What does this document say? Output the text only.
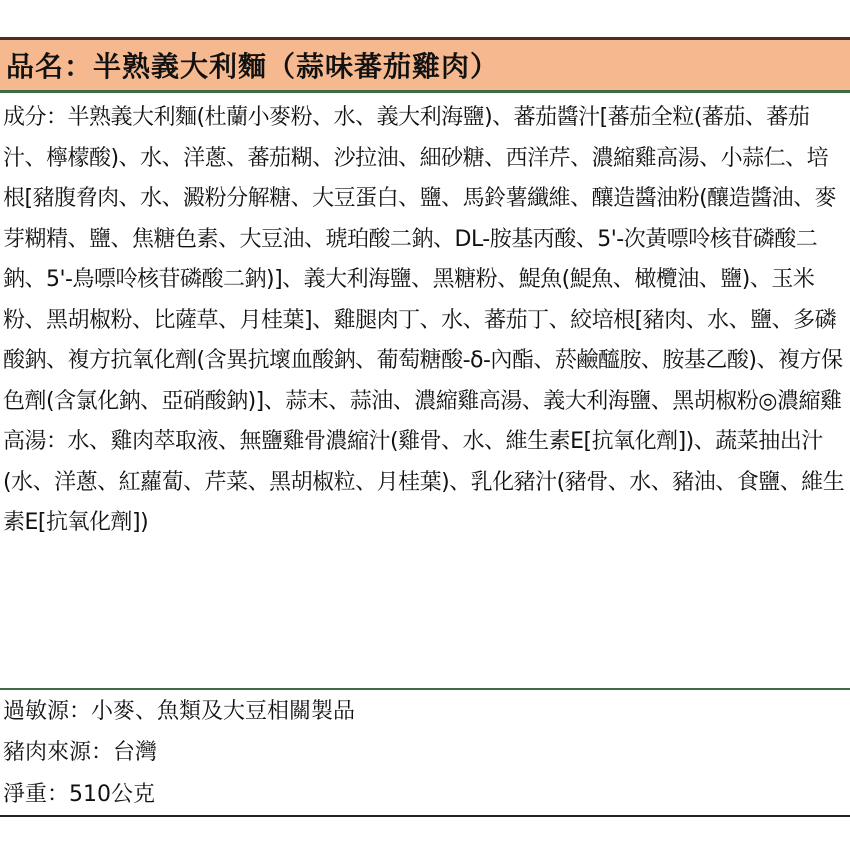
品名：半熟義大利麵（蒜味蕃茄雞肉）
成分：半熟義大利麵(杜蘭小麥粉、水、義大利海鹽)、蕃茄醬汁[蕃茄全粒(蕃茄、蕃茄汁、檸檬酸)、水、洋蔥、蕃茄糊、沙拉油、細砂糖、西洋芹、濃縮雞高湯、小蒜仁、培根[豬腹脅肉、水、澱粉分解糖、大豆蛋白、鹽、馬鈴薯纖維、釀造醬油粉(釀造醬油、麥芽糊精、鹽、焦糖色素、大豆油、琥珀酸二鈉、DL-胺基丙酸、5'-次黃嘌呤核苷磷酸二鈉、5'-鳥嘌呤核苷磷酸二鈉)]、義大利海鹽、黑糖粉、鯷魚(鯷魚、橄欖油、鹽)、玉米粉、黑胡椒粉、比薩草、月桂葉]、雞腿肉丁、水、蕃茄丁、絞培根[豬肉、水、鹽、多磷酸鈉、複方抗氧化劑(含異抗壞血酸鈉、葡萄糖酸-δ-內酯、菸鹼醯胺、胺基乙酸)、複方保色劑(含氯化鈉、亞硝酸鈉)]、蒜末、蒜油、濃縮雞高湯、義大利海鹽、黑胡椒粉◎濃縮雞高湯：水、雞肉萃取液、無鹽雞骨濃縮汁(雞骨、水、維生素E[抗氧化劑])、蔬菜抽出汁(水、洋蔥、紅蘿蔔、芹菜、黑胡椒粒、月桂葉)、乳化豬汁(豬骨、水、豬油、食鹽、維生素E[抗氧化劑])
過敏源：小麥、魚類及大豆相關製品
豬肉來源：台灣
淨重：510公克
